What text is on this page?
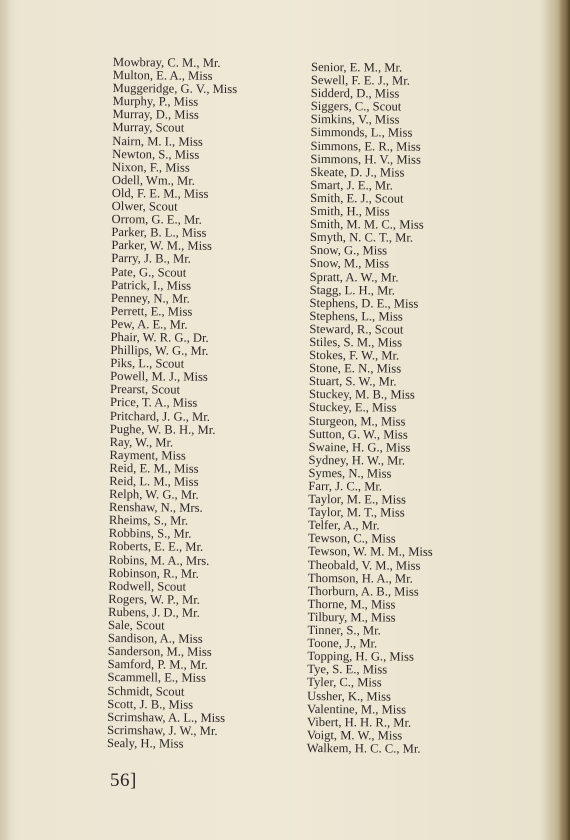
Mowbray, C. M., Mr.
Multon, E. A., Miss
Muggeridge, G. V., Miss
Murphy, P., Miss
Murray, D., Miss
Murray, Scout
Nairn, M. I., Miss
Newton, S., Miss
Nixon, F., Miss
Odell, Wm., Mr.
Old, F. E. M., Miss
Olwer, Scout
Orrom, G. E., Mr.
Parker, B. L., Miss
Parker, W. M., Miss
Parry, J. B., Mr.
Pate, G., Scout
Patrick, I., Miss
Penney, N., Mr.
Perrett, E., Miss
Pew, A. E., Mr.
Phair, W. R. G., Dr.
Phillips, W. G., Mr.
Piks, L., Scout
Powell, M. J., Miss
Prearst, Scout
Price, T. A., Miss
Pritchard, J. G., Mr.
Pughe, W. B. H., Mr.
Ray, W., Mr.
Rayment, Miss
Reid, E. M., Miss
Reid, L. M., Miss
Relph, W. G., Mr.
Renshaw, N., Mrs.
Rheims, S., Mr.
Robbins, S., Mr.
Roberts, E. E., Mr.
Robins, M. A., Mrs.
Robinson, R., Mr.
Rodwell, Scout
Rogers, W. P., Mr.
Rubens, J. D., Mr.
Sale, Scout
Sandison, A., Miss
Sanderson, M., Miss
Samford, P. M., Mr.
Scammell, E., Miss
Schmidt, Scout
Scott, J. B., Miss
Scrimshaw, A. L., Miss
Scrimshaw, J. W., Mr.
Sealy, H., Miss
Senior, E. M., Mr.
Sewell, F. E. J., Mr.
Sidderd, D., Miss
Siggers, C., Scout
Simkins, V., Miss
Simmonds, L., Miss
Simmons, E. R., Miss
Simmons, H. V., Miss
Skeate, D. J., Miss
Smart, J. E., Mr.
Smith, E. J., Scout
Smith, H., Miss
Smith, M. M. C., Miss
Smyth, N. C. T., Mr.
Snow, G., Miss
Snow, M., Miss
Spratt, A. W., Mr.
Stagg, L. H., Mr.
Stephens, D. E., Miss
Stephens, L., Miss
Steward, R., Scout
Stiles, S. M., Miss
Stokes, F. W., Mr.
Stone, E. N., Miss
Stuart, S. W., Mr.
Stuckey, M. B., Miss
Stuckey, E., Miss
Sturgeon, M., Miss
Sutton, G. W., Miss
Swaine, H. G., Miss
Sydney, H. W., Mr.
Symes, N., Miss
Farr, J. C., Mr.
Taylor, M. E., Miss
Taylor, M. T., Miss
Telfer, A., Mr.
Tewson, C., Miss
Tewson, W. M. M., Miss
Theobald, V. M., Miss
Thomson, H. A., Mr.
Thorburn, A. B., Miss
Thorne, M., Miss
Tilbury, M., Miss
Tinner, S., Mr.
Toone, J., Mr.
Topping, H. G., Miss
Tye, S. E., Miss
Tyler, C., Miss
Ussher, K., Miss
Valentine, M., Miss
Vibert, H. H. R., Mr.
Voigt, M. W., Miss
Walkem, H. C. C., Mr.
56]
